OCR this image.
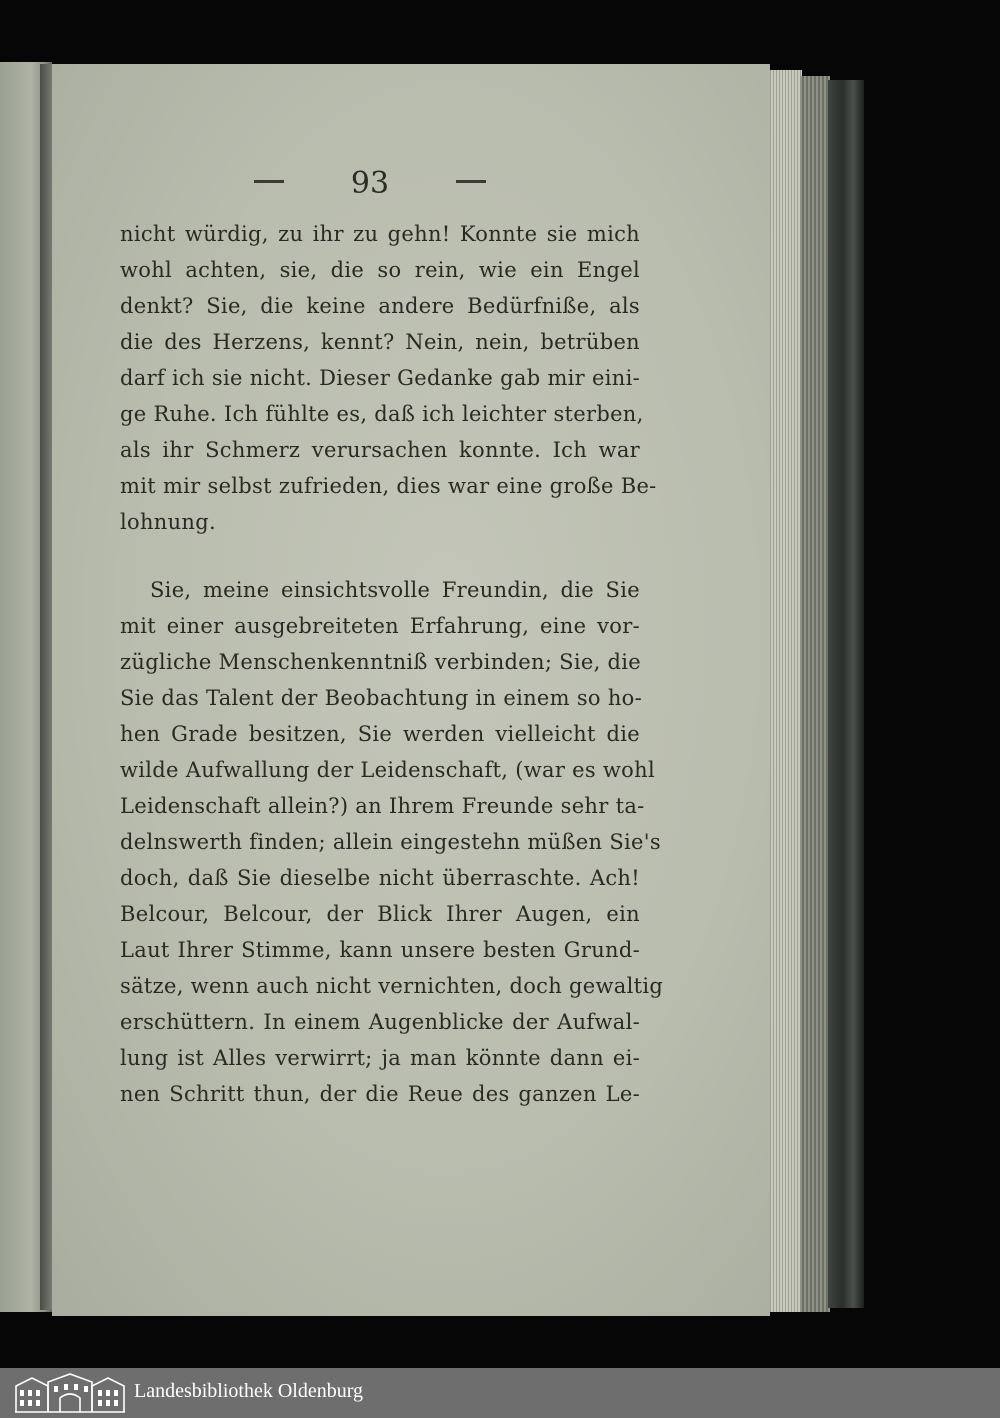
93
nicht würdig, zu ihr zu gehn! Konnte sie mich
wohl achten, sie, die so rein, wie ein Engel
denkt? Sie, die keine andere Bedürfniße, als
die des Herzens, kennt? Nein, nein, betrüben
darf ich sie nicht. Dieser Gedanke gab mir eini-
ge Ruhe. Ich fühlte es, daß ich leichter sterben,
als ihr Schmerz verursachen konnte. Ich war
mit mir selbst zufrieden, dies war eine große Be-
lohnung.
Sie, meine einsichtsvolle Freundin, die Sie
mit einer ausgebreiteten Erfahrung, eine vor-
zügliche Menschenkenntniß verbinden; Sie, die
Sie das Talent der Beobachtung in einem so ho-
hen Grade besitzen, Sie werden vielleicht die
wilde Aufwallung der Leidenschaft, (war es wohl
Leidenschaft allein?) an Ihrem Freunde sehr ta-
delnswerth finden; allein eingestehn müßen Sie's
doch, daß Sie dieselbe nicht überraschte. Ach!
Belcour, Belcour, der Blick Ihrer Augen, ein
Laut Ihrer Stimme, kann unsere besten Grund-
sätze, wenn auch nicht vernichten, doch gewaltig
erschüttern. In einem Augenblicke der Aufwal-
lung ist Alles verwirrt; ja man könnte dann ei-
nen Schritt thun, der die Reue des ganzen Le-
Landesbibliothek Oldenburg
